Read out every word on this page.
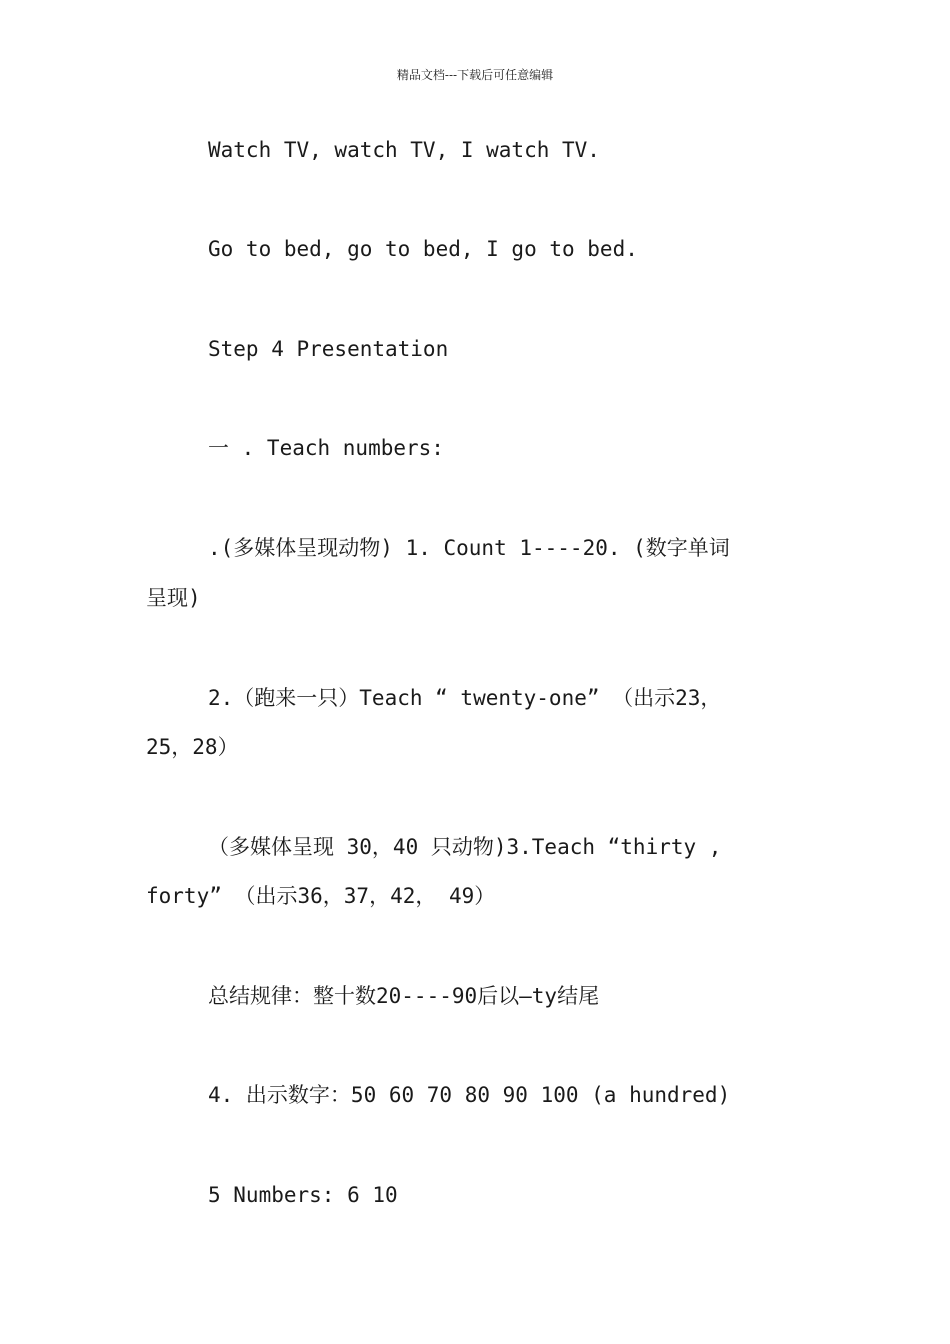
精品文档---下载后可任意编辑
Watch TV, watch TV, I watch TV.
Go to bed, go to bed, I go to bed.
Step 4 Presentation
一 . Teach numbers:
.(多媒体呈现动物) 1. Count 1----20. (数字单词
呈现)
2.（跑来一只）Teach “ twenty-one” （出示23，
25，28）
（多媒体呈现 30，40 只动物)3.Teach “thirty ,
forty” （出示36，37，42， 49）
总结规律：整十数20----90后以—ty结尾
4. 出示数字：50 60 70 80 90 100 (a hundred)
5 Numbers: 6 10
